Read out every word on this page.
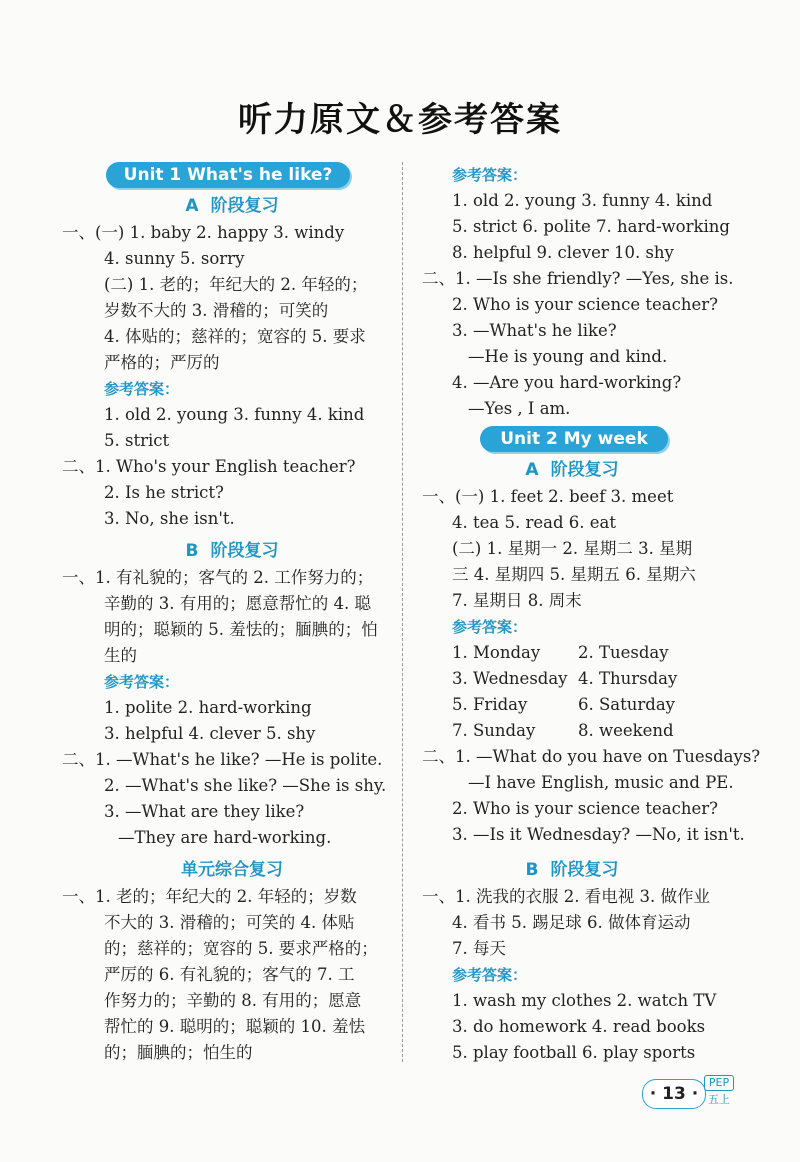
听力原文＆参考答案
Unit 1 What's he like?
A 阶段复习
一、(一) 1. baby 2. happy 3. windy
4. sunny 5. sorry
(二) 1. 老的；年纪大的 2. 年轻的；
岁数不大的 3. 滑稽的；可笑的
4. 体贴的；慈祥的；宽容的 5. 要求
严格的；严厉的
参考答案：
1. old 2. young 3. funny 4. kind
5. strict
二、1. Who's your English teacher?
2. Is he strict?
3. No, she isn't.
B 阶段复习
一、1. 有礼貌的；客气的 2. 工作努力的；
辛勤的 3. 有用的；愿意帮忙的 4. 聪
明的；聪颖的 5. 羞怯的；腼腆的；怕
生的
参考答案：
1. polite 2. hard-working
3. helpful 4. clever 5. shy
二、1. —What's he like? —He is polite.
2. —What's she like? —She is shy.
3. —What are they like?
—They are hard-working.
单元综合复习
一、1. 老的；年纪大的 2. 年轻的；岁数
不大的 3. 滑稽的；可笑的 4. 体贴
的；慈祥的；宽容的 5. 要求严格的；
严厉的 6. 有礼貌的；客气的 7. 工
作努力的；辛勤的 8. 有用的；愿意
帮忙的 9. 聪明的；聪颖的 10. 羞怯
的；腼腆的；怕生的
参考答案：
1. old 2. young 3. funny 4. kind
5. strict 6. polite 7. hard-working
8. helpful 9. clever 10. shy
二、1. —Is she friendly? —Yes, she is.
2. Who is your science teacher?
3. —What's he like?
—He is young and kind.
4. —Are you hard-working?
—Yes , I am.
Unit 2 My week
A 阶段复习
一、(一) 1. feet 2. beef 3. meet
4. tea 5. read 6. eat
(二) 1. 星期一 2. 星期二 3. 星期
三 4. 星期四 5. 星期五 6. 星期六
7. 星期日 8. 周末
参考答案：
1. Monday 2. Tuesday
3. Wednesday 4. Thursday
5. Friday	6. Saturday
7. Sunday	8. weekend
二、1. —What do you have on Tuesdays?
—I have English, music and PE.
2. Who is your science teacher?
3. —Is it Wednesday? —No, it isn't.
B 阶段复习
一、1. 洗我的衣服 2. 看电视 3. 做作业
4. 看书 5. 踢足球 6. 做体育运动
7. 每天
参考答案：
1. wash my clothes 2. watch TV
3. do homework 4. read books
5. play football 6. play sports
· 13 ·
PEP
五上
